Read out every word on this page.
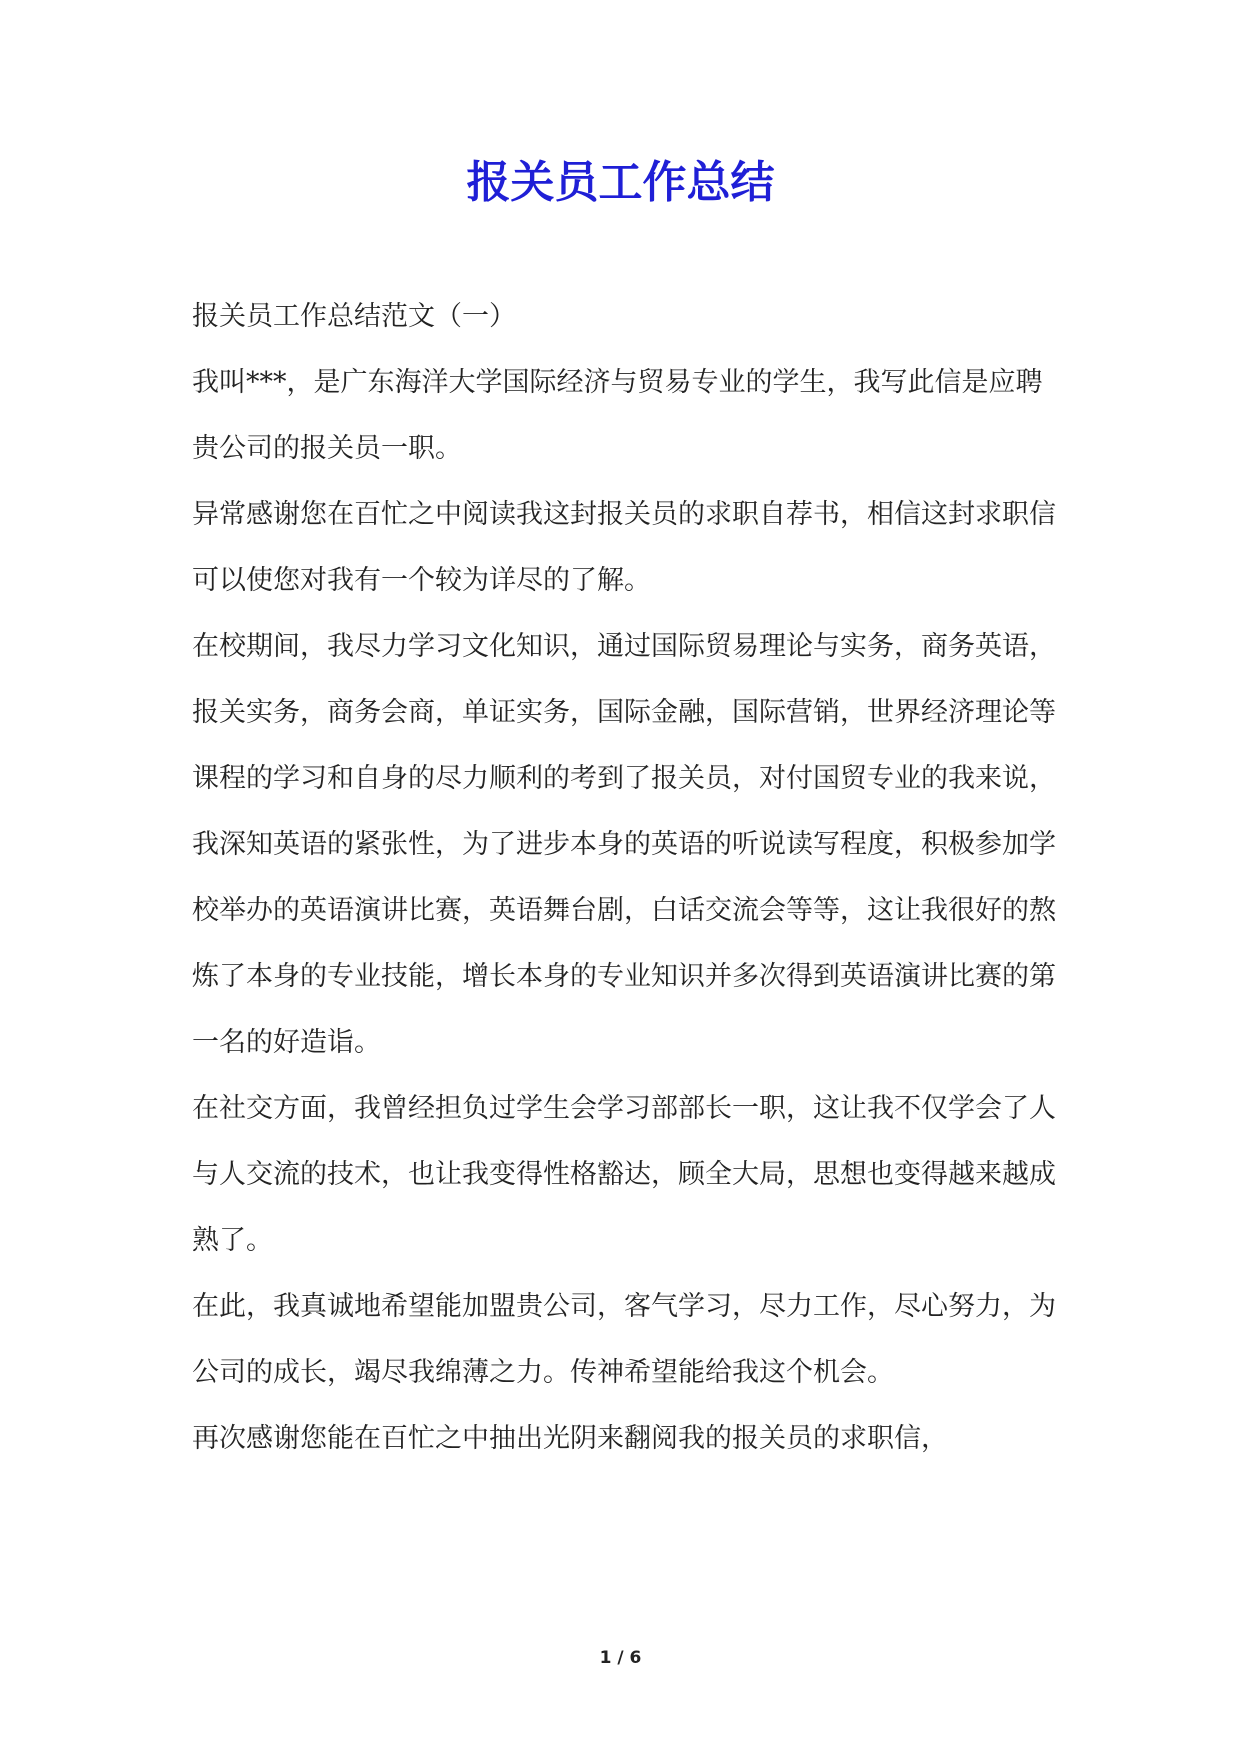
报关员工作总结

报关员工作总结范文（一）

我叫***，是广东海洋大学国际经济与贸易专业的学生，我写此信是应聘贵公司的报关员一职。

异常感谢您在百忙之中阅读我这封报关员的求职自荐书，相信这封求职信可以使您对我有一个较为详尽的了解。

在校期间，我尽力学习文化知识，通过国际贸易理论与实务，商务英语，报关实务，商务会商，单证实务，国际金融，国际营销，世界经济理论等课程的学习和自身的尽力顺利的考到了报关员，对付国贸专业的我来说，我深知英语的紧张性，为了进步本身的英语的听说读写程度，积极参加学校举办的英语演讲比赛，英语舞台剧，白话交流会等等，这让我很好的熬炼了本身的专业技能，增长本身的专业知识并多次得到英语演讲比赛的第一名的好造诣。

在社交方面，我曾经担负过学生会学习部部长一职，这让我不仅学会了人与人交流的技术，也让我变得性格豁达，顾全大局，思想也变得越来越成熟了。

在此，我真诚地希望能加盟贵公司，客气学习，尽力工作，尽心努力，为公司的成长，竭尽我绵薄之力。传神希望能给我这个机会。

再次感谢您能在百忙之中抽出光阴来翻阅我的报关员的求职信，

1 / 6
